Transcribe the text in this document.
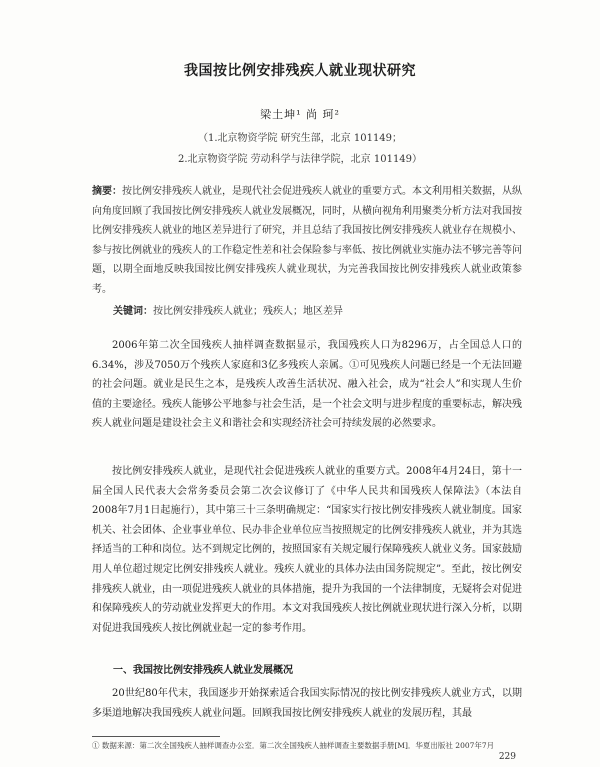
我国按比例安排残疾人就业现状研究
梁土坤¹ 尚 珂²
（1.北京物资学院 研究生部，北京 101149；
2.北京物资学院 劳动科学与法律学院，北京 101149）
摘要：按比例安排残疾人就业，是现代社会促进残疾人就业的重要方式。本文利用相关数据，从纵向角度回顾了我国按比例安排残疾人就业发展概况，同时，从横向视角利用聚类分析方法对我国按比例安排残疾人就业的地区差异进行了研究，并且总结了我国按比例安排残疾人就业存在规模小、参与按比例就业的残疾人的工作稳定性差和社会保险参与率低、按比例就业实施办法不够完善等问题，以期全面地反映我国按比例安排残疾人就业现状，为完善我国按比例安排残疾人就业政策参考。
关键词：按比例安排残疾人就业；残疾人；地区差异
2006年第二次全国残疾人抽样调查数据显示，我国残疾人口为8296万，占全国总人口的6.34%，涉及7050万个残疾人家庭和3亿多残疾人亲属。①可见残疾人问题已经是一个无法回避的社会问题。就业是民生之本，是残疾人改善生活状况、融入社会，成为“社会人”和实现人生价值的主要途径。残疾人能够公平地参与社会生活，是一个社会文明与进步程度的重要标志，解决残疾人就业问题是建设社会主义和谐社会和实现经济社会可持续发展的必然要求。
按比例安排残疾人就业，是现代社会促进残疾人就业的重要方式。2008年4月24日，第十一届全国人民代表大会常务委员会第二次会议修订了《中华人民共和国残疾人保障法》（本法自2008年7月1日起施行），其中第三十三条明确规定：“国家实行按比例安排残疾人就业制度。国家机关、社会团体、企业事业单位、民办非企业单位应当按照规定的比例安排残疾人就业，并为其选择适当的工种和岗位。达不到规定比例的，按照国家有关规定履行保障残疾人就业义务。国家鼓励用人单位超过规定比例安排残疾人就业。残疾人就业的具体办法由国务院规定”。至此，按比例安排残疾人就业，由一项促进残疾人就业的具体措施，提升为我国的一个法律制度，无疑将会对促进和保障残疾人的劳动就业发挥更大的作用。本文对我国残疾人按比例就业现状进行深入分析，以期对促进我国残疾人按比例就业起一定的参考作用。
一、我国按比例安排残疾人就业发展概况
20世纪80年代末，我国逐步开始探索适合我国实际情况的按比例安排残疾人就业方式，以期多渠道地解决我国残疾人就业问题。回顾我国按比例安排残疾人就业的发展历程，其最
① 数据来源：第二次全国残疾人抽样调查办公室．第二次全国残疾人抽样调查主要数据手册[M]．华夏出版社 2007年7月
229
